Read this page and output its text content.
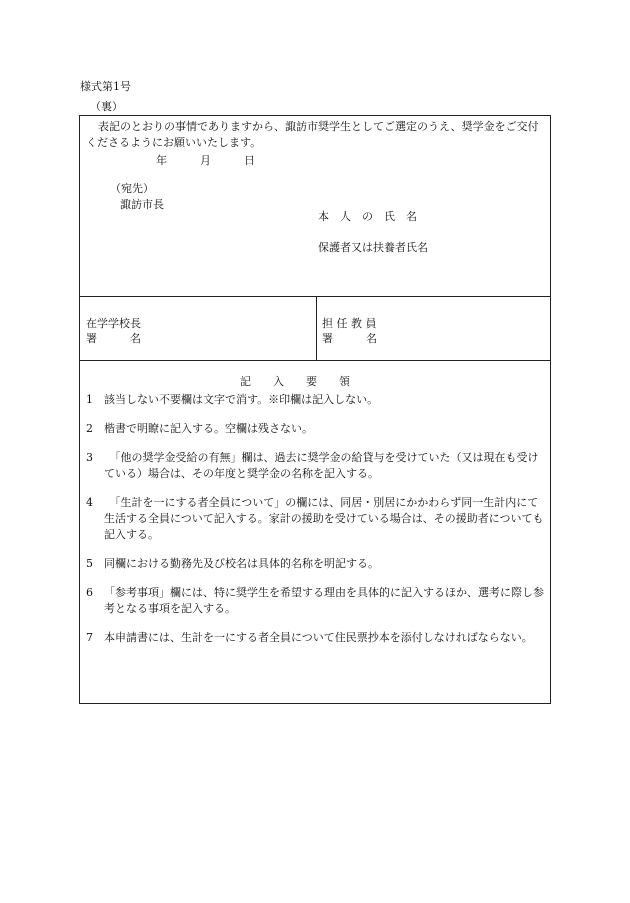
様式第1号
（裏）
表記のとおりの事情でありますから、諏訪市奨学生としてご選定のうえ、奨学金をご交付くださるようにお願いいたします。
年	月	日
（宛先）
諏訪市長
本　人　の　氏　名
保護者又は扶養者氏名
在学学校長
署　　　名
担 任 教 員
署　　　名
記　　入　　要　　領
1	該当しない不要欄は文字で消す。※印欄は記入しない。
2	楷書で明瞭に記入する。空欄は残さない。
3	　「他の奨学金受給の有無」欄は、過去に奨学金の給貸与を受けていた（又は現在も受けている）場合は、その年度と奨学金の名称を記入する。
4	　「生計を一にする者全員について」の欄には、同居・別居にかかわらず同一生計内にて生活する全員について記入する。家計の援助を受けている場合は、その援助者についても記入する。
5	同欄における勤務先及び校名は具体的名称を明記する。
6	「参考事項」欄には、特に奨学生を希望する理由を具体的に記入するほか、選考に際し参考となる事項を記入する。
7	本申請書には、生計を一にする者全員について住民票抄本を添付しなければならない。
